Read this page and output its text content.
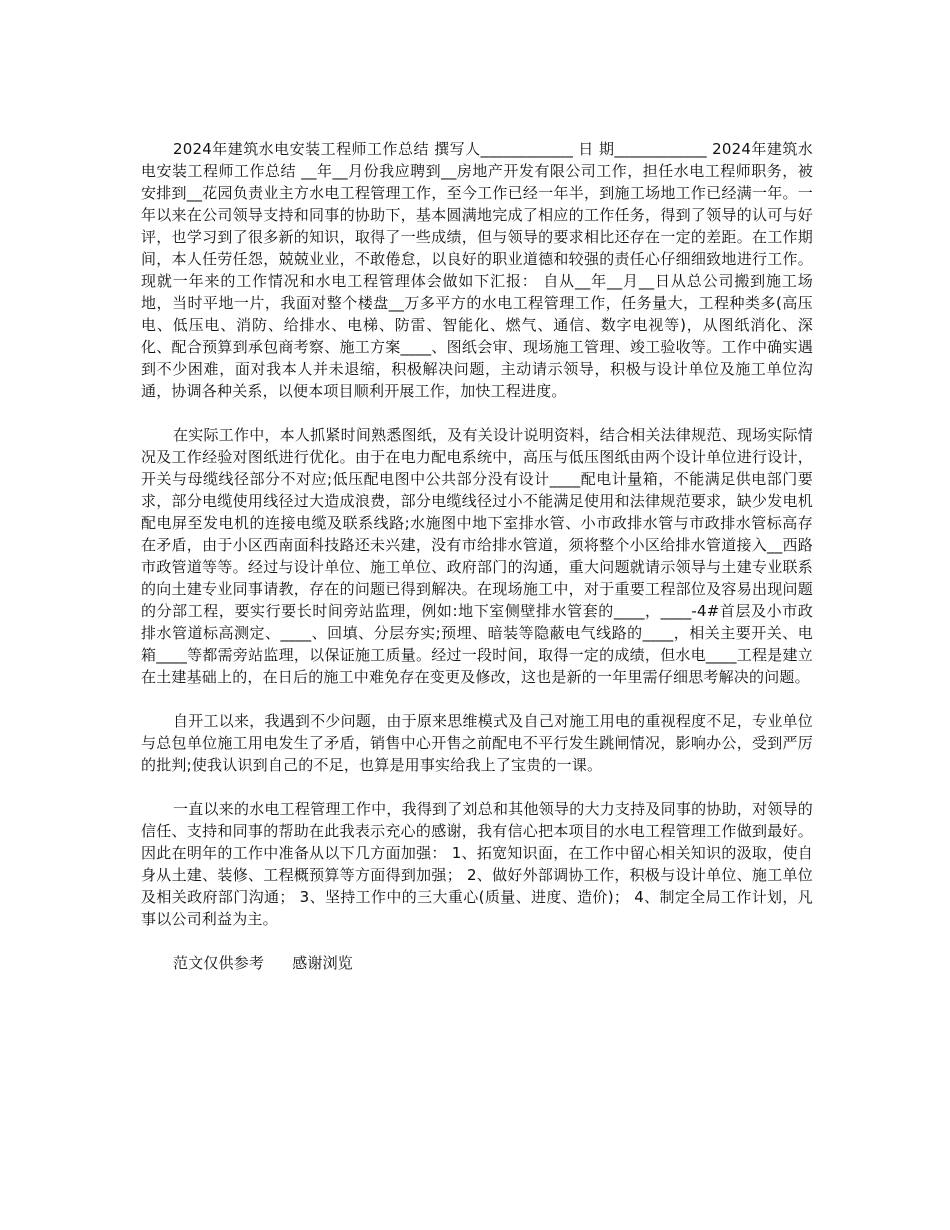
2024年建筑水电安装工程师工作总结 撰写人____________ 日 期____________ 2024年建筑水电安装工程师工作总结 __年__月份我应聘到__房地产开发有限公司工作，担任水电工程师职务，被安排到__花园负责业主方水电工程管理工作，至今工作已经一年半，到施工场地工作已经满一年。一年以来在公司领导支持和同事的协助下，基本圆满地完成了相应的工作任务，得到了领导的认可与好评，也学习到了很多新的知识，取得了一些成绩，但与领导的要求相比还存在一定的差距。在工作期间，本人任劳任怨，兢兢业业，不敢倦怠，以良好的职业道德和较强的责任心仔细细致地进行工作。现就一年来的工作情况和水电工程管理体会做如下汇报： 自从__年__月__日从总公司搬到施工场地，当时平地一片，我面对整个楼盘__万多平方的水电工程管理工作，任务量大，工程种类多(高压电、低压电、消防、给排水、电梯、防雷、智能化、燃气、通信、数字电视等)，从图纸消化、深化、配合预算到承包商考察、施工方案____、图纸会审、现场施工管理、竣工验收等。工作中确实遇到不少困难，面对我本人并未退缩，积极解决问题，主动请示领导，积极与设计单位及施工单位沟通，协调各种关系，以便本项目顺利开展工作，加快工程进度。

在实际工作中，本人抓紧时间熟悉图纸，及有关设计说明资料，结合相关法律规范、现场实际情况及工作经验对图纸进行优化。由于在电力配电系统中，高压与低压图纸由两个设计单位进行设计，开关与母缆线径部分不对应;低压配电图中公共部分没有设计____配电计量箱，不能满足供电部门要求，部分电缆使用线径过大造成浪费，部分电缆线径过小不能满足使用和法律规范要求，缺少发电机配电屏至发电机的连接电缆及联系线路;水施图中地下室排水管、小市政排水管与市政排水管标高存在矛盾，由于小区西南面科技路还未兴建，没有市给排水管道，须将整个小区给排水管道接入__西路市政管道等等。经过与设计单位、施工单位、政府部门的沟通，重大问题就请示领导与土建专业联系的向土建专业同事请教，存在的问题已得到解决。在现场施工中，对于重要工程部位及容易出现问题的分部工程，要实行要长时间旁站监理，例如:地下室侧壁排水管套的____，____-4#首层及小市政排水管道标高测定、____、回填、分层夯实;预埋、暗装等隐蔽电气线路的____，相关主要开关、电箱____等都需旁站监理，以保证施工质量。经过一段时间，取得一定的成绩，但水电____工程是建立在土建基础上的，在日后的施工中难免存在变更及修改，这也是新的一年里需仔细思考解决的问题。

自开工以来，我遇到不少问题，由于原来思维模式及自己对施工用电的重视程度不足，专业单位与总包单位施工用电发生了矛盾，销售中心开售之前配电不平行发生跳闸情况，影响办公，受到严厉的批判;使我认识到自己的不足，也算是用事实给我上了宝贵的一课。

一直以来的水电工程管理工作中，我得到了刘总和其他领导的大力支持及同事的协助，对领导的信任、支持和同事的帮助在此我表示充心的感谢，我有信心把本项目的水电工程管理工作做到最好。因此在明年的工作中准备从以下几方面加强： 1、拓宽知识面，在工作中留心相关知识的汲取，使自身从土建、装修、工程概预算等方面得到加强； 2、做好外部调协工作，积极与设计单位、施工单位及相关政府部门沟通； 3、坚持工作中的三大重心(质量、进度、造价)； 4、制定全局工作计划，凡事以公司利益为主。

范文仅供参考 感谢浏览
